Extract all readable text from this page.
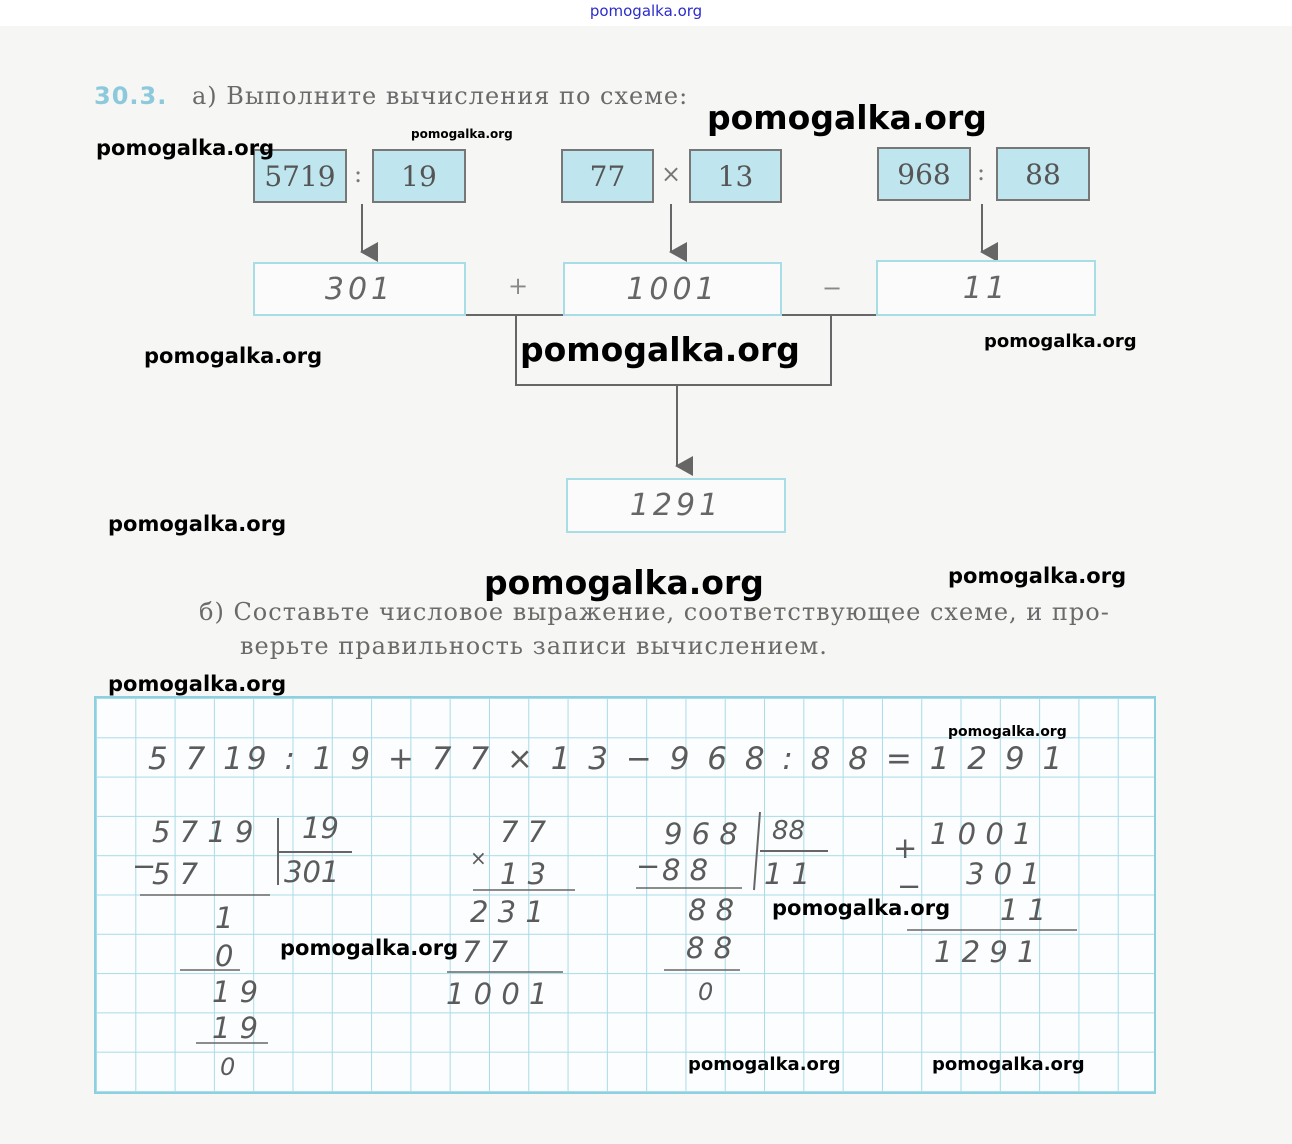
pomogalka.org
30.3. а) Выполните вычисления по схеме:
5719 : 19	77 × 13	968 : 88
301	+	1001	−	11
1291
б) Составьте числовое выражение, соответствующее схеме, и про-
верьте правильность записи вычислением.
5 7 19 : 1 9 + 7 7 × 1 3 − 9 6 8 : 8 8 = 1 2 9 1
5 7 1 9 19
301
−
5 7
1
0
1 9
1 9
0
×
7 7
1 3
2 3 1
7 7
1 0 0 1
9 6 8 88
1 1
− 8 8
8 8
8 8
0
+
−
1 0 0 1
3 0 1
1 1
1 2 9 1
pomogalka.org
pomogalka.org	pomogalka.org
pomogalka.org	pomogalka.org	pomogalka.org
pomogalka.org
pomogalka.org	pomogalka.org
pomogalka.org
pomogalka.org
pomogalka.org
pomogalka.org
pomogalka.org	pomogalka.org
